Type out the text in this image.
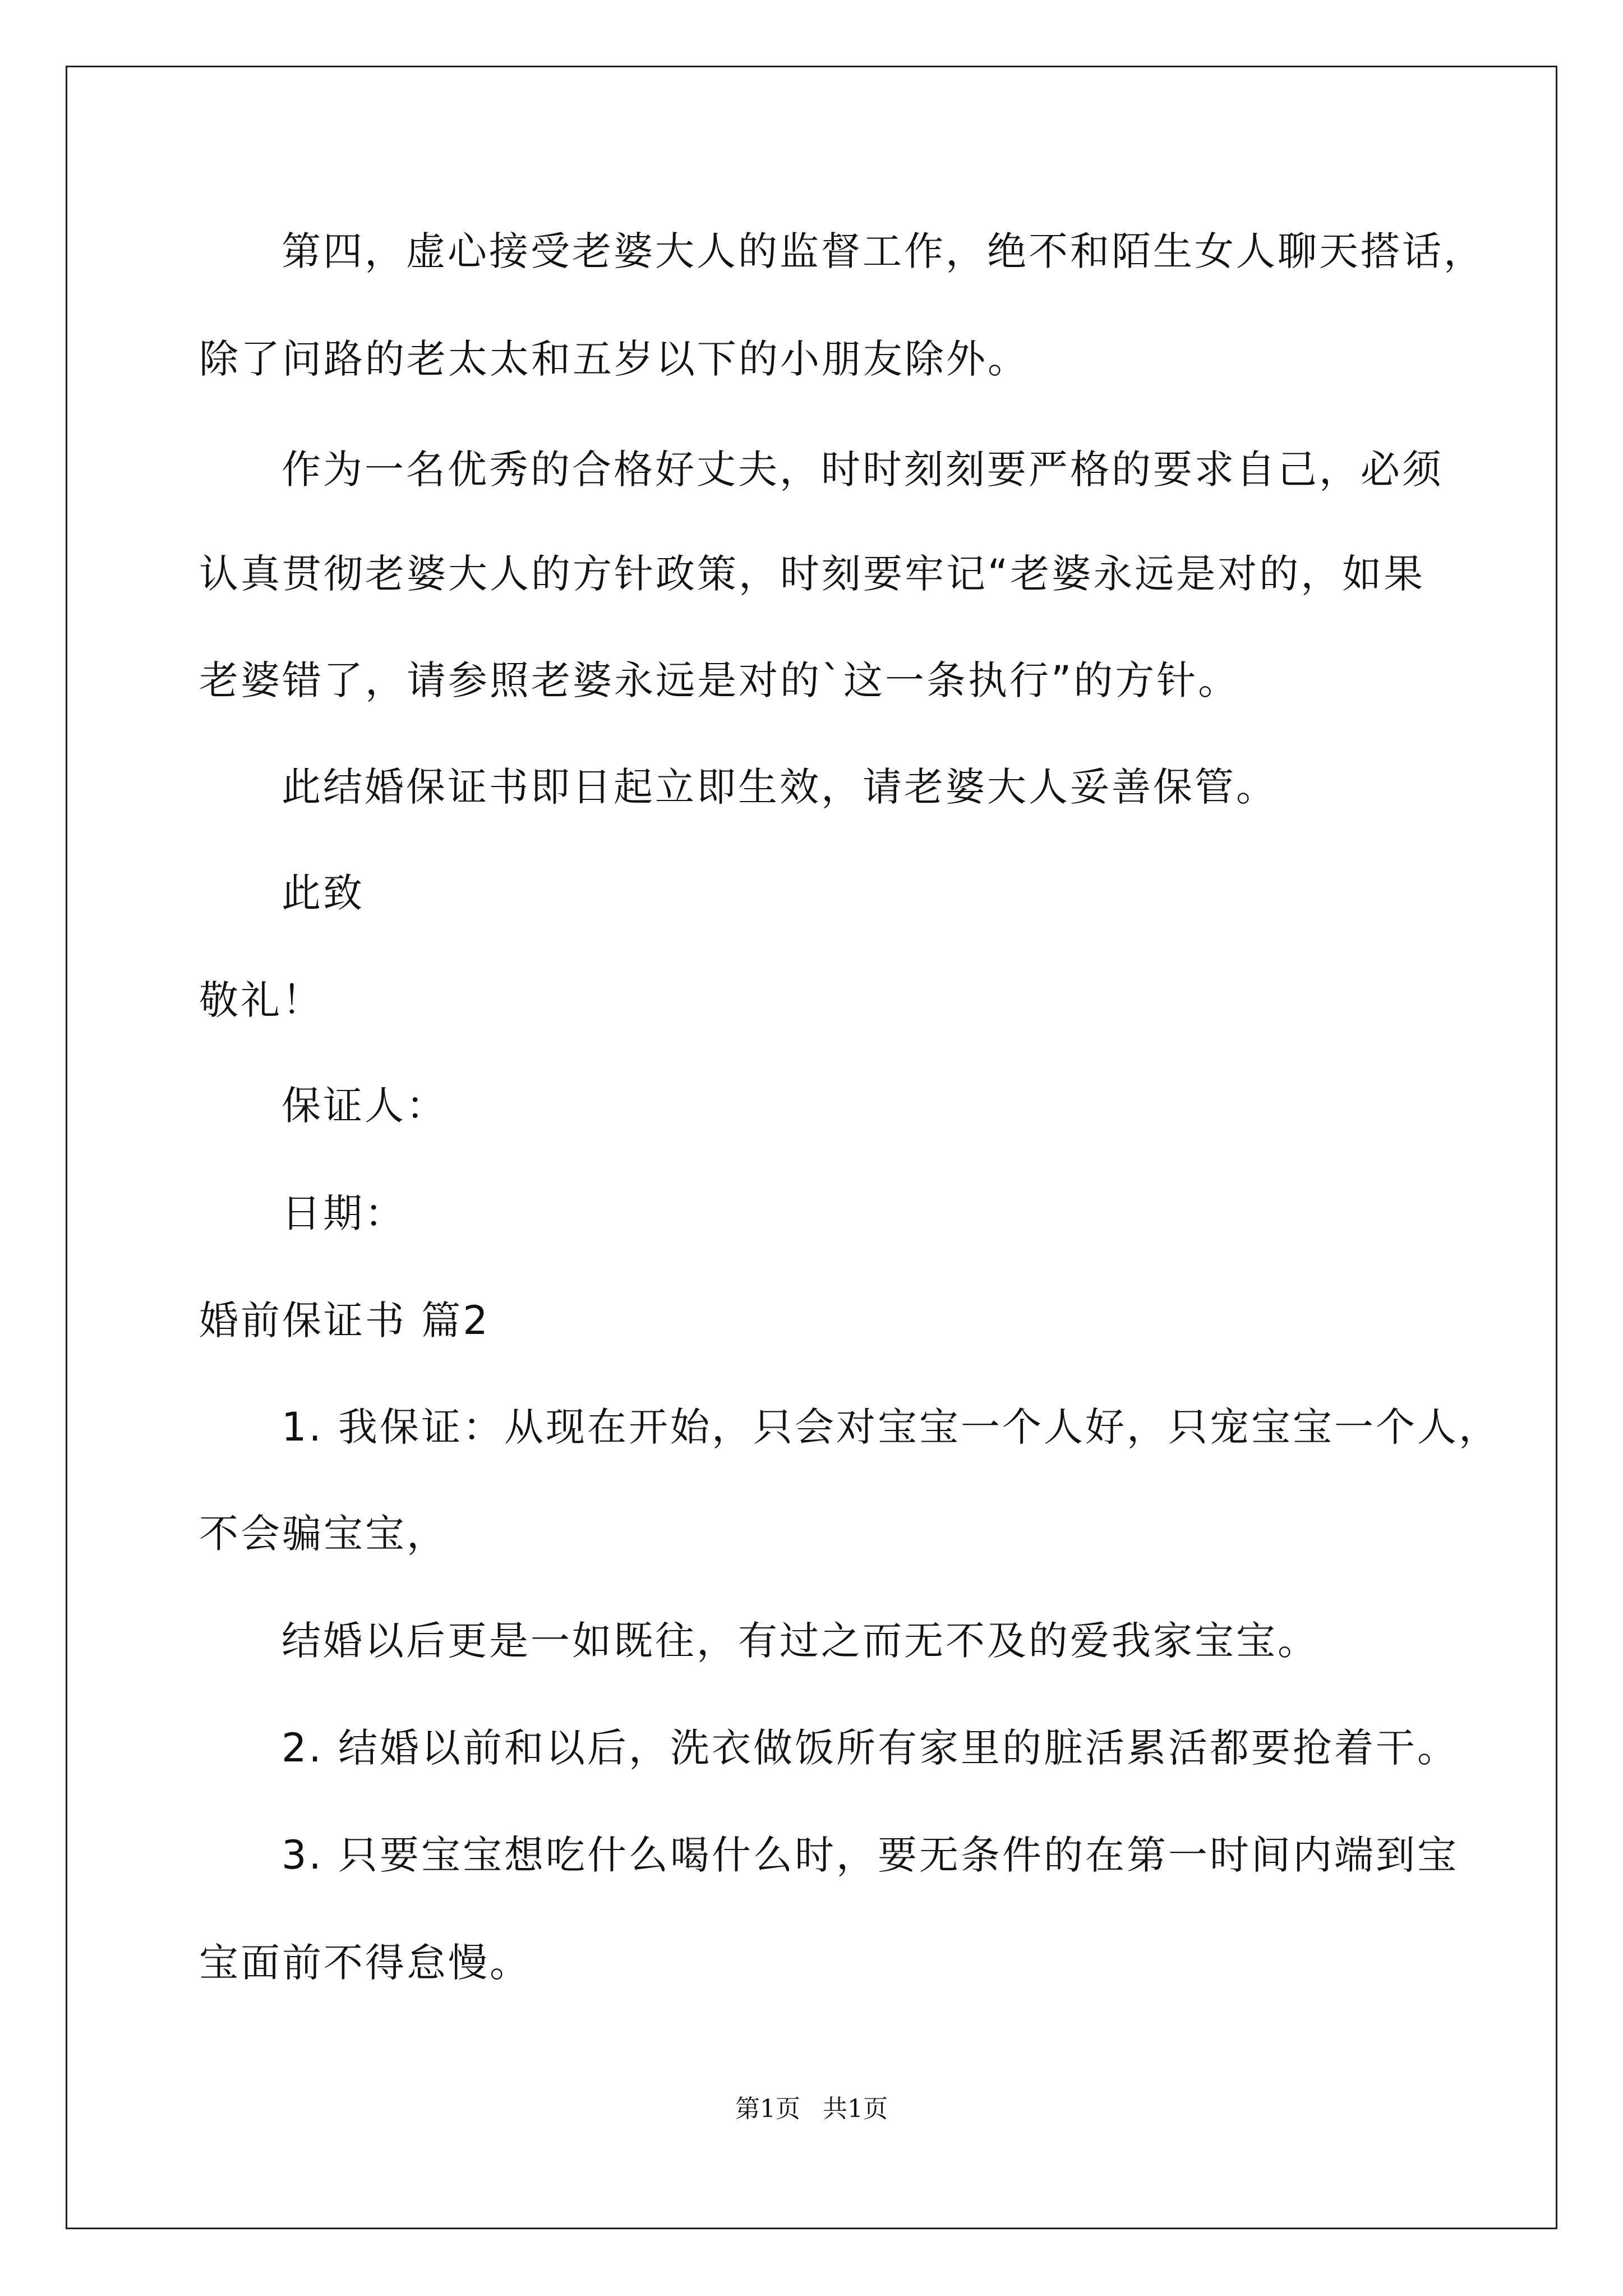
第四，虚心接受老婆大人的监督工作，绝不和陌生女人聊天搭话，
除了问路的老太太和五岁以下的小朋友除外。
作为一名优秀的合格好丈夫，时时刻刻要严格的要求自己，必须
认真贯彻老婆大人的方针政策，时刻要牢记“老婆永远是对的，如果
老婆错了，请参照老婆永远是对的`这一条执行”的方针。
此结婚保证书即日起立即生效，请老婆大人妥善保管。
此致
敬礼！
保证人：
日期：
婚前保证书 篇2
1. 我保证：从现在开始，只会对宝宝一个人好，只宠宝宝一个人，
不会骗宝宝，
结婚以后更是一如既往，有过之而无不及的爱我家宝宝。
2. 结婚以前和以后，洗衣做饭所有家里的脏活累活都要抢着干。
3. 只要宝宝想吃什么喝什么时，要无条件的在第一时间内端到宝
宝面前不得怠慢。
第1页 共1页
